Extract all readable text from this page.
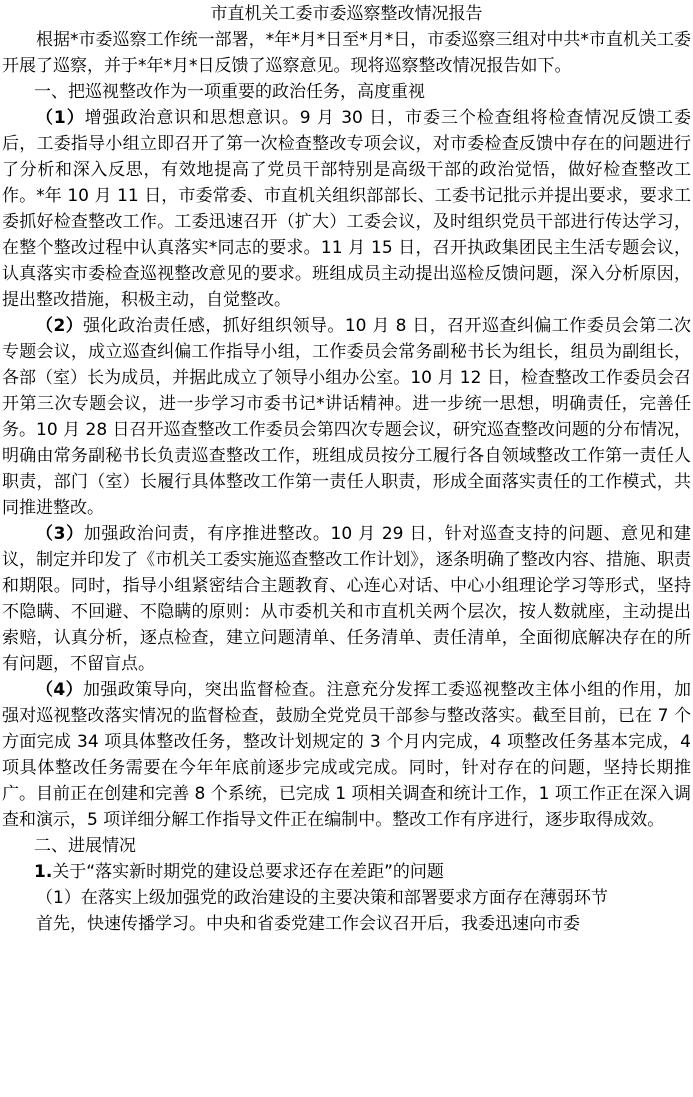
市直机关工委市委巡察整改情况报告

根据*市委巡察工作统一部署，*年*月*日至*月*日，市委巡察三组对中共*市直机关工委开展了巡察，并于*年*月*日反馈了巡察意见。现将巡察整改情况报告如下。

一、把巡视整改作为一项重要的政治任务，高度重视

（1）增强政治意识和思想意识。9 月 30 日，市委三个检查组将检查情况反馈工委后，工委指导小组立即召开了第一次检查整改专项会议，对市委检查反馈中存在的问题进行了分析和深入反思，有效地提高了党员干部特别是高级干部的政治觉悟，做好检查整改工作。*年 10 月 11 日，市委常委、市直机关组织部部长、工委书记批示并提出要求，要求工委抓好检查整改工作。工委迅速召开（扩大）工委会议，及时组织党员干部进行传达学习，在整个整改过程中认真落实*同志的要求。11 月 15 日，召开执政集团民主生活专题会议，认真落实市委检查巡视整改意见的要求。班组成员主动提出巡检反馈问题，深入分析原因，提出整改措施，积极主动，自觉整改。

（2）强化政治责任感，抓好组织领导。10 月 8 日，召开巡查纠偏工作委员会第二次专题会议，成立巡查纠偏工作指导小组，工作委员会常务副秘书长为组长，组员为副组长，各部（室）长为成员，并据此成立了领导小组办公室。10 月 12 日，检查整改工作委员会召开第三次专题会议，进一步学习市委书记*讲话精神。进一步统一思想，明确责任，完善任务。10 月 28 日召开巡查整改工作委员会第四次专题会议，研究巡查整改问题的分布情况，明确由常务副秘书长负责巡查整改工作，班组成员按分工履行各自领域整改工作第一责任人职责，部门（室）长履行具体整改工作第一责任人职责，形成全面落实责任的工作模式，共同推进整改。

（3）加强政治问责，有序推进整改。10 月 29 日，针对巡查支持的问题、意见和建议，制定并印发了《市机关工委实施巡查整改工作计划》，逐条明确了整改内容、措施、职责和期限。同时，指导小组紧密结合主题教育、心连心对话、中心小组理论学习等形式，坚持不隐瞒、不回避、不隐瞒的原则：从市委机关和市直机关两个层次，按人数就座，主动提出索赔，认真分析，逐点检查，建立问题清单、任务清单、责任清单，全面彻底解决存在的所有问题，不留盲点。

（4）加强政策导向，突出监督检查。注意充分发挥工委巡视整改主体小组的作用，加强对巡视整改落实情况的监督检查，鼓励全党党员干部参与整改落实。截至目前，已在 7 个方面完成 34 项具体整改任务，整改计划规定的 3 个月内完成，4 项整改任务基本完成，4 项具体整改任务需要在今年年底前逐步完成或完成。同时，针对存在的问题，坚持长期推广。目前正在创建和完善 8 个系统，已完成 1 项相关调查和统计工作，1 项工作正在深入调查和演示，5 项详细分解工作指导文件正在编制中。整改工作有序进行，逐步取得成效。

二、进展情况

1.关于“落实新时期党的建设总要求还存在差距”的问题

（1）在落实上级加强党的政治建设的主要决策和部署要求方面存在薄弱环节

首先，快速传播学习。中央和省委党建工作会议召开后，我委迅速向市委
